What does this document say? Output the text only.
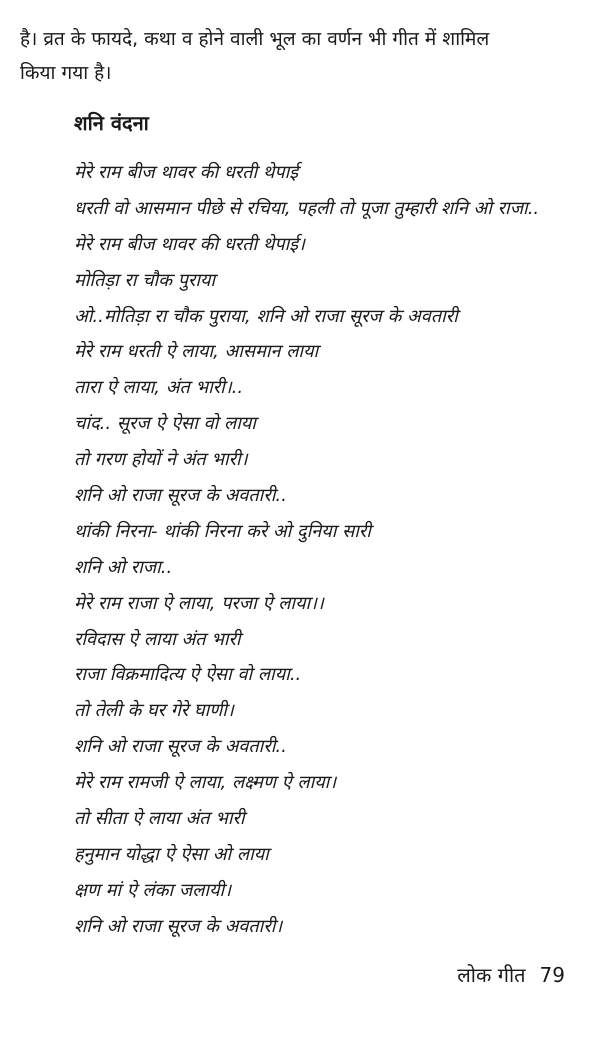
है। व्रत के फायदे, कथा व होने वाली भूल का वर्णन भी गीत में शामिल
किया गया है।

शनि वंदना
मेरे राम बीज थावर की धरती थेपाई
धरती वो आसमान पीछे से रचिया, पहली तो पूजा तुम्हारी शनि ओ राजा..
मेरे राम बीज थावर की धरती थेपाई।
मोतिड़ा रा चौक पुराया
ओ..मोतिड़ा रा चौक पुराया, शनि ओ राजा सूरज के अवतारी
मेरे राम धरती ऐ लाया, आसमान लाया
तारा ऐ लाया, अंत भारी।..
चांद.. सूरज ऐ ऐसा वो लाया
तो गरण होयों ने अंत भारी।
शनि ओ राजा सूरज के अवतारी..
थांकी निरना- थांकी निरना करे ओ दुनिया सारी
शनि ओ राजा..
मेरे राम राजा ऐ लाया, परजा ऐ लाया।।
रविदास ऐ लाया अंत भारी
राजा विक्रमादित्य ऐ ऐसा वो लाया..
तो तेली के घर गेरे घाणी।
शनि ओ राजा सूरज के अवतारी..
मेरे राम रामजी ऐ लाया, लक्ष्मण ऐ लाया।
तो सीता ऐ लाया अंत भारी
हनुमान योद्धा ऐ ऐसा ओ लाया
क्षण मां ऐ लंका जलायी।
शनि ओ राजा सूरज के अवतारी।
लोक गीत 79
